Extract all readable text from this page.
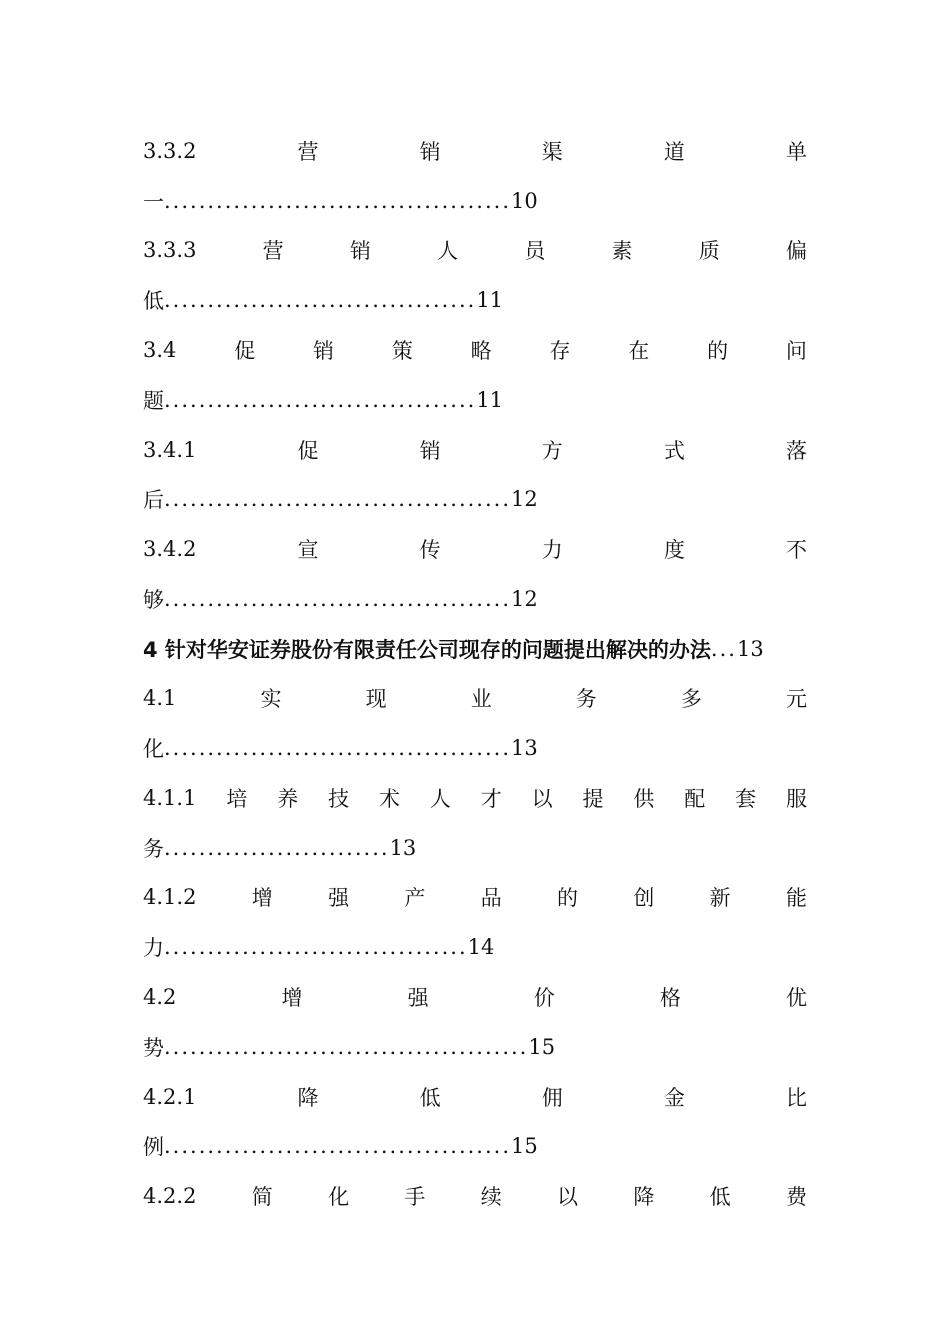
3.3.2	营	销	渠	道	单
一 ........................................ 10
3.3.3	营	销	人	员	素	质	偏
低 .................................... 11
3.4	促	销	策	略	存	在	的	问
题 .................................... 11
3.4.1	促	销	方	式	落
后 ........................................ 12
3.4.2	宣	传	力	度	不
够 ........................................ 12
4 针对华安证券股份有限责任公司现存的问题提出解决的办法 ... 13
4.1	实	现	业	务	多	元
化 ........................................ 13
4.1.1 培 养 技 术 人 才 以 提 供 配 套 服
务 .......................... 13
4.1.2	增	强	产	品	的	创	新	能
力 ................................... 14
4.2	增	强	价	格	优
势 .......................................... 15
4.2.1	降	低	佣	金	比
例 ........................................ 15
4.2.2	简	化	手	续	以	降	低	费
